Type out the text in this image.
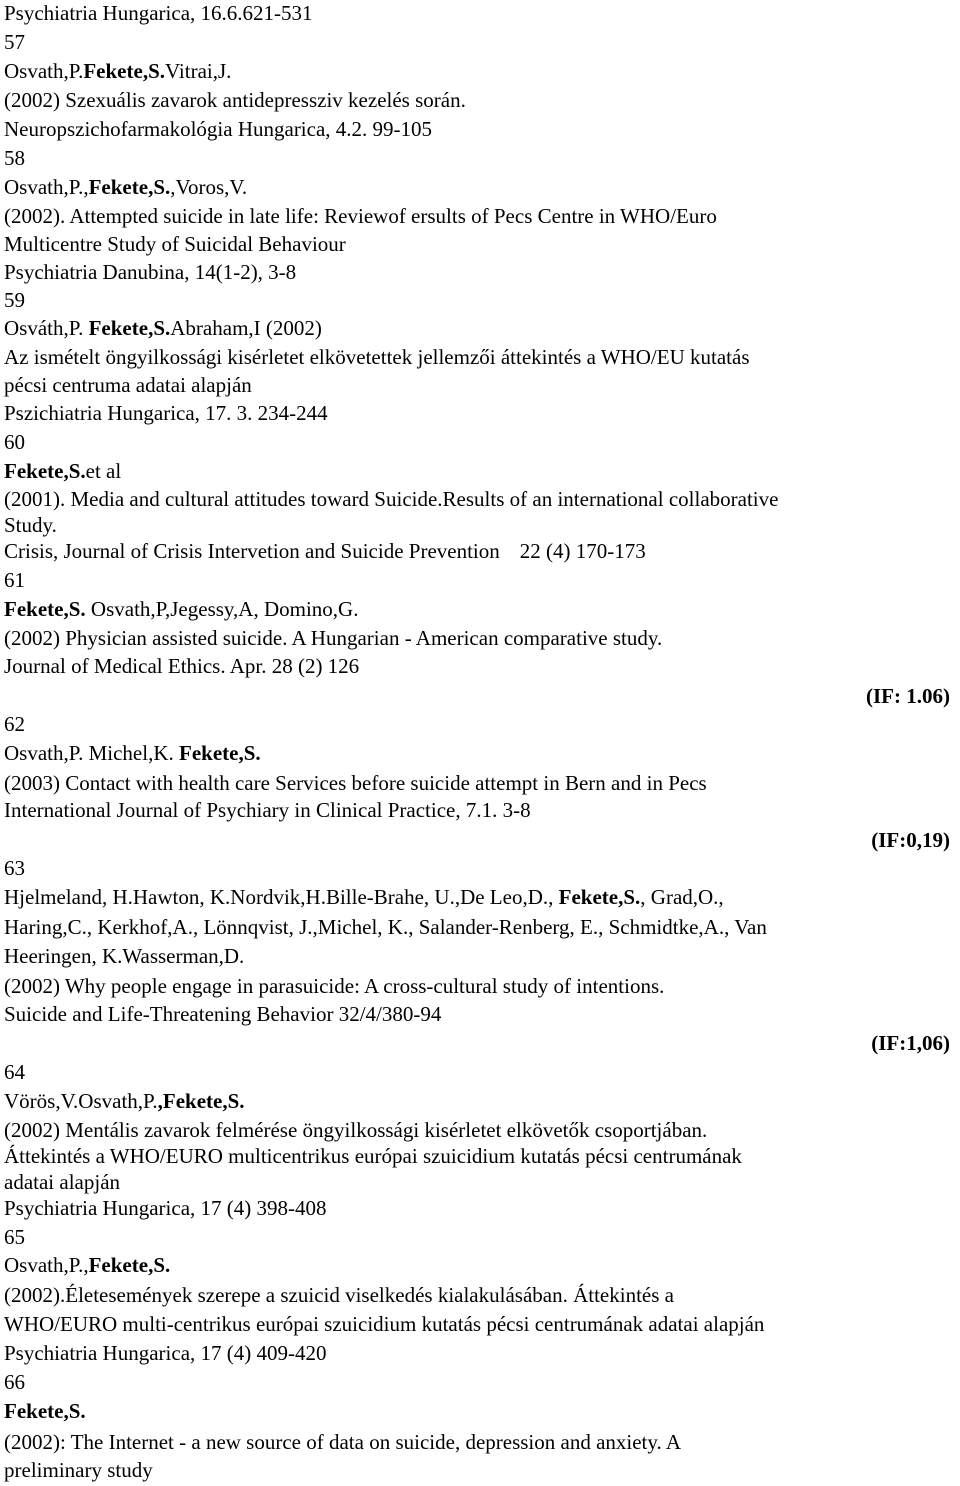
Psychiatria Hungarica, 16.6.621-531
57
Osvath,P.Fekete,S.Vitrai,J.
(2002) Szexuális zavarok antidepressziv kezelés során.
Neuropszichofarmakológia Hungarica, 4.2. 99-105
58
Osvath,P.,Fekete,S.,Voros,V.
(2002). Attempted suicide in late life: Reviewof ersults of Pecs Centre in WHO/Euro
Multicentre Study of Suicidal Behaviour
Psychiatria Danubina, 14(1-2), 3-8
59
Osváth,P. Fekete,S.Abraham,I (2002)
Az ismételt öngyilkossági kisérletet elkövetettek jellemzői áttekintés a WHO/EU kutatás
pécsi centruma adatai alapján
Pszichiatria Hungarica, 17. 3. 234-244
60
Fekete,S.et al
(2001). Media and cultural attitudes toward Suicide.Results of an international collaborative
Study.
Crisis, Journal of Crisis Intervetion and Suicide Prevention 22 (4) 170-173
61
Fekete,S. Osvath,P,Jegessy,A, Domino,G.
(2002) Physician assisted suicide. A Hungarian - American comparative study.
Journal of Medical Ethics. Apr. 28 (2) 126
(IF: 1.06)
62
Osvath,P. Michel,K. Fekete,S.
(2003) Contact with health care Services before suicide attempt in Bern and in Pecs
International Journal of Psychiary in Clinical Practice, 7.1. 3-8
(IF:0,19)
63
Hjelmeland, H.Hawton, K.Nordvik,H.Bille-Brahe, U.,De Leo,D., Fekete,S., Grad,O.,
Haring,C., Kerkhof,A., Lönnqvist, J.,Michel, K., Salander-Renberg, E., Schmidtke,A., Van
Heeringen, K.Wasserman,D.
(2002) Why people engage in parasuicide: A cross-cultural study of intentions.
Suicide and Life-Threatening Behavior 32/4/380-94
(IF:1,06)
64
Vörös,V.Osvath,P.,Fekete,S.
(2002) Mentális zavarok felmérése öngyilkossági kisérletet elkövetők csoportjában.
Áttekintés a WHO/EURO multicentrikus európai szuicidium kutatás pécsi centrumának
adatai alapján
Psychiatria Hungarica, 17 (4) 398-408
65
Osvath,P.,Fekete,S.
(2002).Életesemények szerepe a szuicid viselkedés kialakulásában. Áttekintés a
WHO/EURO multi-centrikus európai szuicidium kutatás pécsi centrumának adatai alapján
Psychiatria Hungarica, 17 (4) 409-420
66
Fekete,S.
(2002): The Internet - a new source of data on suicide, depression and anxiety. A
preliminary study
